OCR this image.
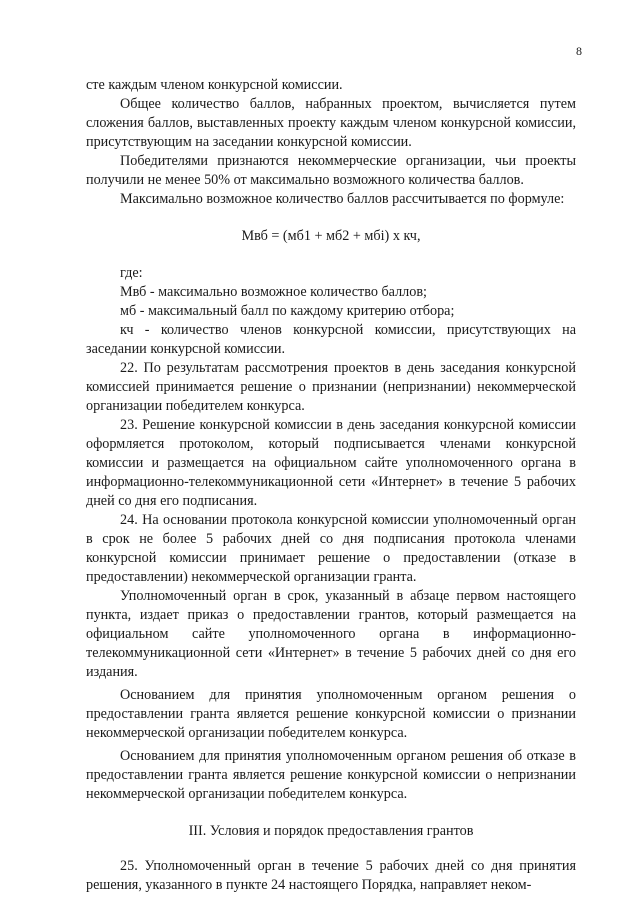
8

сте каждым членом конкурсной комиссии.

Общее количество баллов, набранных проектом, вычисляется путем сложения баллов, выставленных проекту каждым членом конкурсной комиссии, присутствующим на заседании конкурсной комиссии.

Победителями признаются некоммерческие организации, чьи проекты получили не менее 50% от максимально возможного количества баллов.

Максимально возможное количество баллов рассчитывается по формуле:

Мвб = (мб1 + мб2 + мбi) х кч,

где:

Мвб - максимально возможное количество баллов;

мб - максимальный балл по каждому критерию отбора;

кч - количество членов конкурсной комиссии, присутствующих на заседании конкурсной комиссии.

22. По результатам рассмотрения проектов в день заседания конкурсной комиссией принимается решение о признании (непризнании) некоммерческой организации победителем конкурса.

23. Решение конкурсной комиссии в день заседания конкурсной комиссии оформляется протоколом, который подписывается членами конкурсной комиссии и размещается на официальном сайте уполномоченного органа в информационно-телекоммуникационной сети «Интернет» в течение 5 рабочих дней со дня его подписания.

24. На основании протокола конкурсной комиссии уполномоченный орган в срок не более 5 рабочих дней со дня подписания протокола членами конкурсной комиссии принимает решение о предоставлении (отказе в предоставлении) некоммерческой организации гранта.

Уполномоченный орган в срок, указанный в абзаце первом настоящего пункта, издает приказ о предоставлении грантов, который размещается на официальном сайте уполномоченного органа в информационно-телекоммуникационной сети «Интернет» в течение 5 рабочих дней со дня его издания.

Основанием для принятия уполномоченным органом решения о предоставлении гранта является решение конкурсной комиссии о признании некоммерческой организации победителем конкурса.

Основанием для принятия уполномоченным органом решения об отказе в предоставлении гранта является решение конкурсной комиссии о непризнании некоммерческой организации победителем конкурса.

III. Условия и порядок предоставления грантов

25. Уполномоченный орган в течение 5 рабочих дней со дня принятия решения, указанного в пункте 24 настоящего Порядка, направляет неком-
